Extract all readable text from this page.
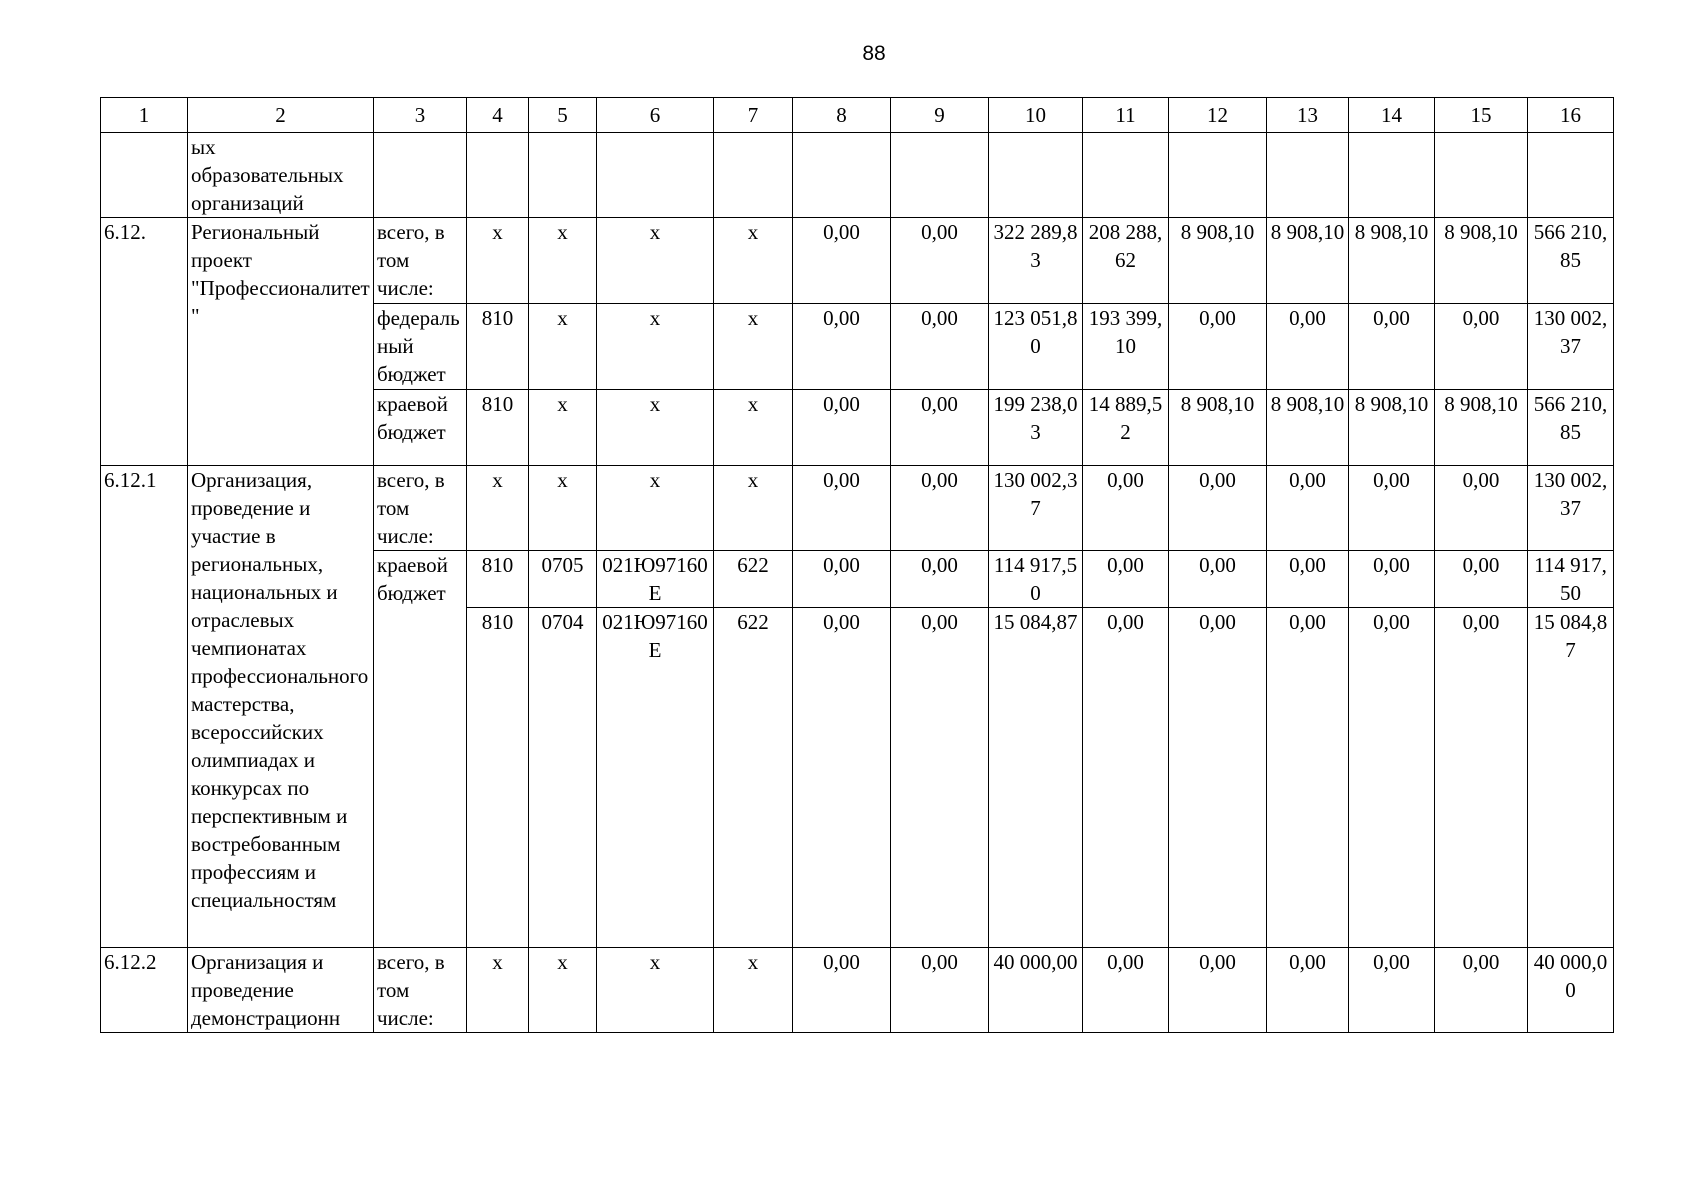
88
1	2	3	4	5	6	7	8	9	10	11	12	13	14	15	16
	ых образовательных организаций														
6.12.	Региональный проект "Профессионалитет"	всего, в том числе:	х	х	х	х	0,00	0,00	322 289,83	208 288,62	8 908,10	8 908,10	8 908,10	8 908,10	566 210,85
		федеральный бюджет	810	х	х	х	0,00	0,00	123 051,80	193 399,10	0,00	0,00	0,00	0,00	130 002,37
		краевой бюджет	810	х	х	х	0,00	0,00	199 238,03	14 889,52	8 908,10	8 908,10	8 908,10	8 908,10	566 210,85
6.12.1	Организация, проведение и участие в региональных, национальных и отраслевых чемпионатах профессионального мастерства, всероссийских олимпиадах и конкурсах по перспективным и востребованным профессиям и специальностям	всего, в том числе:	х	х	х	х	0,00	0,00	130 002,37	0,00	0,00	0,00	0,00	0,00	130 002,37
		краевой бюджет	810	0705	021Ю97160Е	622	0,00	0,00	114 917,50	0,00	0,00	0,00	0,00	0,00	114 917,50
			810	0704	021Ю97160Е	622	0,00	0,00	15 084,87	0,00	0,00	0,00	0,00	0,00	15 084,87
6.12.2	Организация и проведение демонстрационн	всего, в том числе:	х	х	х	х	0,00	0,00	40 000,00	0,00	0,00	0,00	0,00	0,00	40 000,00
